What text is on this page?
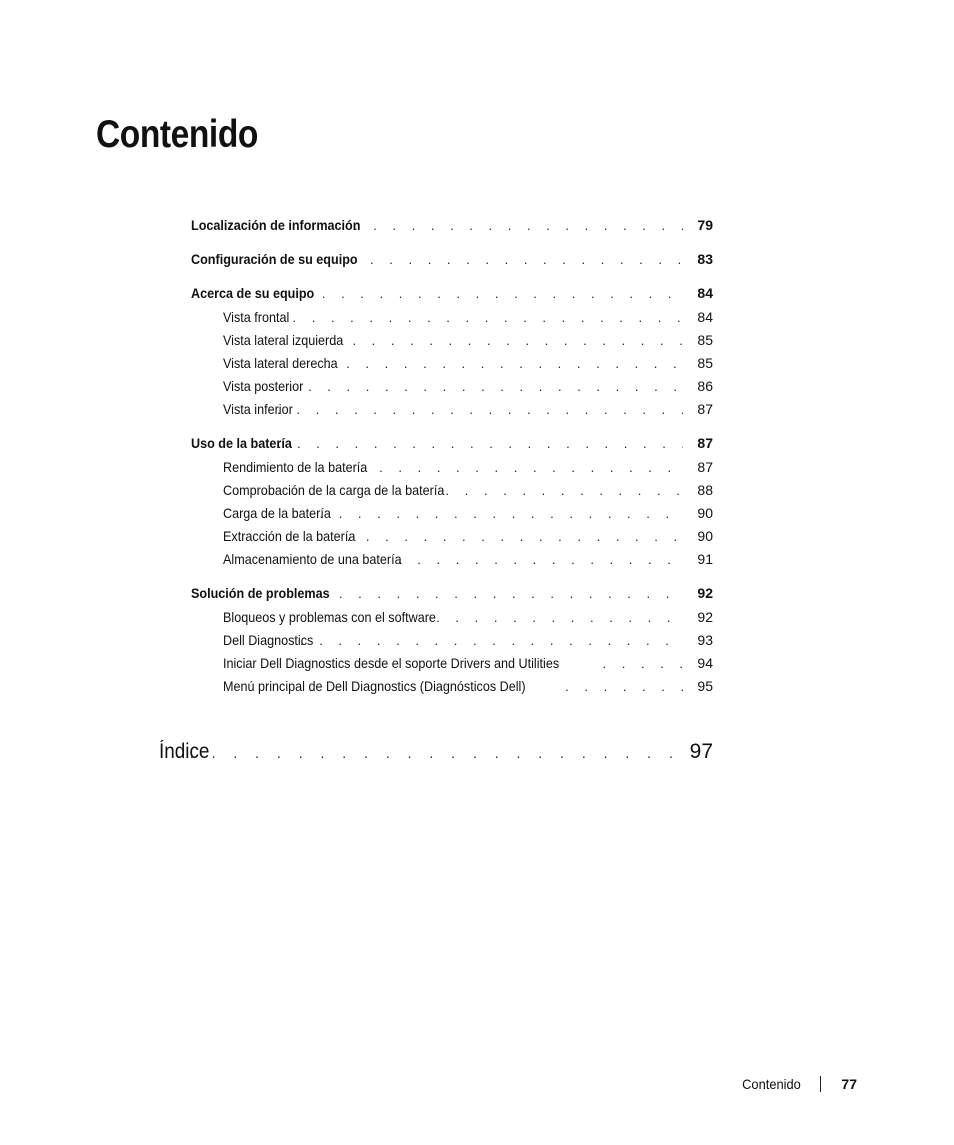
Contenido
Localización de información . . .	79
Configuración de su equipo . . .	83
Acerca de su equipo . . .	84
Vista frontal . . .	84
Vista lateral izquierda . . .	85
Vista lateral derecha . . .	85
Vista posterior . . .	86
Vista inferior . . .	87
Uso de la batería . . .	87
Rendimiento de la batería . . .	87
Comprobación de la carga de la batería . . .	88
Carga de la batería . . .	90
Extracción de la batería . . .	90
Almacenamiento de una batería . . .	91
Solución de problemas . . .	92
Bloqueos y problemas con el software . . .	92
Dell Diagnostics . . .	93
Iniciar Dell Diagnostics desde el soporte Drivers and Utilities . . .	94
Menú principal de Dell Diagnostics (Diagnósticos Dell) . . .	95
Índice . . .	97
Contenido	77
